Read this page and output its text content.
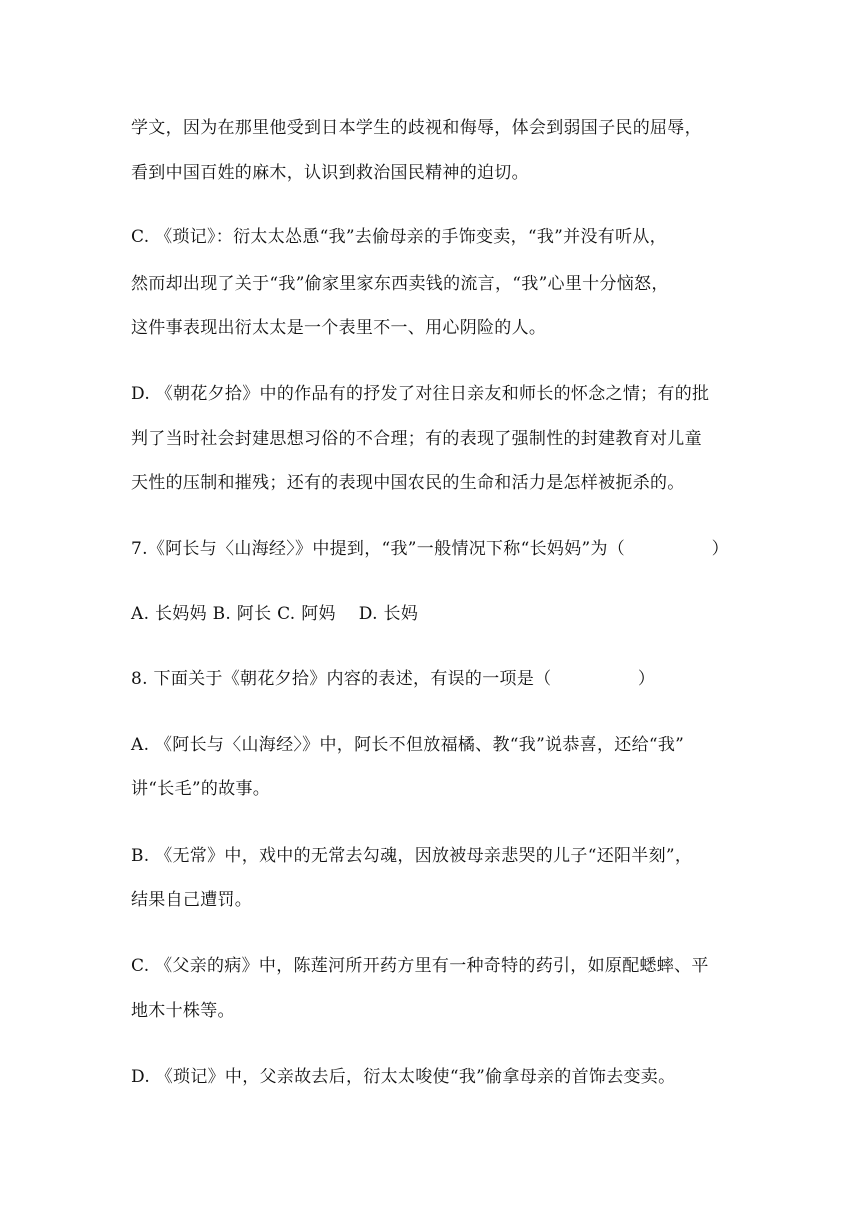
学文，因为在那里他受到日本学生的歧视和侮辱，体会到弱国子民的屈辱，
看到中国百姓的麻木，认识到救治国民精神的迫切。
C. 《琐记》：衍太太怂恿“我”去偷母亲的手饰变卖，“我”并没有听从，
然而却出现了关于“我”偷家里家东西卖钱的流言，“我”心里十分恼怒，
这件事表现出衍太太是一个表里不一、用心阴险的人。
D. 《朝花夕拾》中的作品有的抒发了对往日亲友和师长的怀念之情；有的批
判了当时社会封建思想习俗的不合理；有的表现了强制性的封建教育对儿童
天性的压制和摧残；还有的表现中国农民的生命和活力是怎样被扼杀的。
7.《阿长与〈山海经〉》中提到，“我”一般情况下称“长妈妈”为（　　　　　）
A. 长妈妈 B. 阿长 C. 阿妈　 D. 长妈
8. 下面关于《朝花夕拾》内容的表述，有误的一项是（　　　　　）
A. 《阿长与〈山海经〉》中，阿长不但放福橘、教“我”说恭喜，还给“我”
讲“长毛”的故事。
B. 《无常》中，戏中的无常去勾魂，因放被母亲悲哭的儿子“还阳半刻”，
结果自己遭罚。
C. 《父亲的病》中，陈莲河所开药方里有一种奇特的药引，如原配蟋蟀、平
地木十株等。
D. 《琐记》中，父亲故去后，衍太太唆使“我”偷拿母亲的首饰去变卖。
